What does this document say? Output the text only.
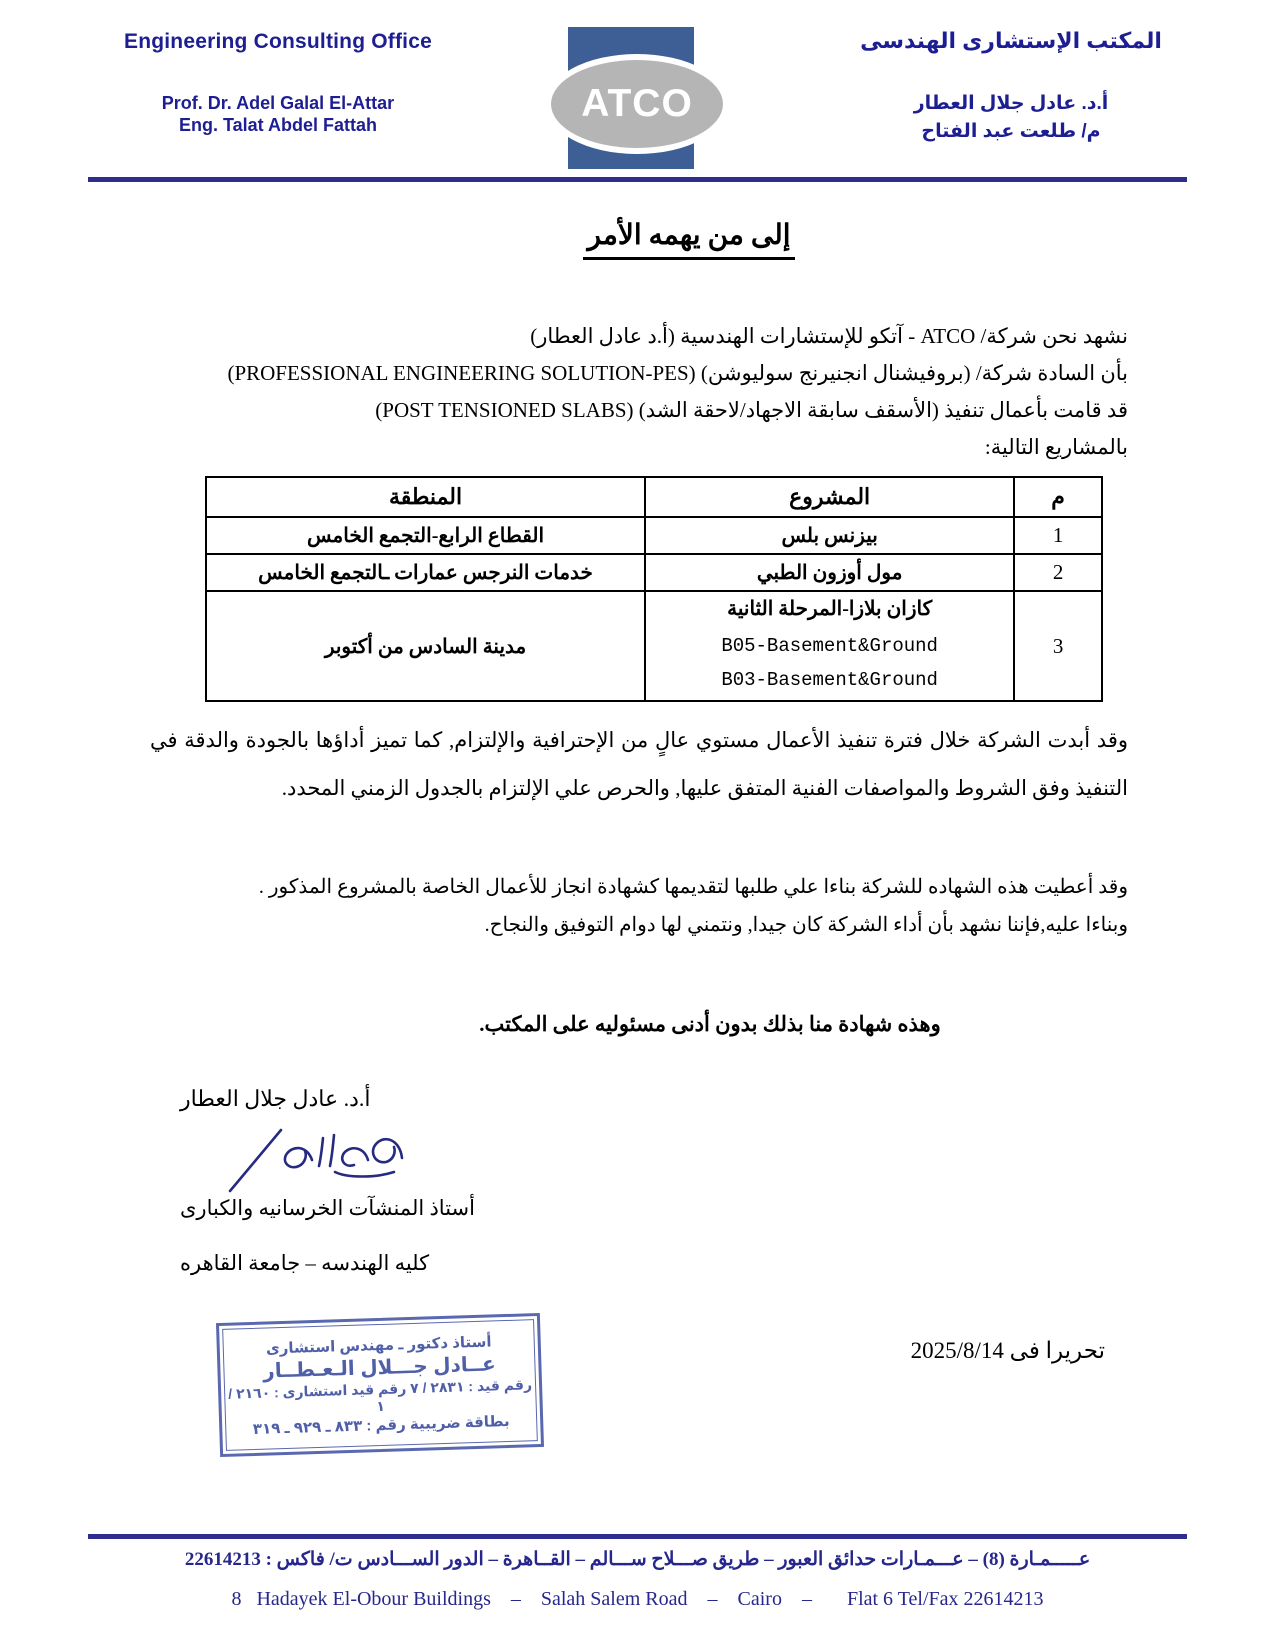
Engineering Consulting Office
Prof. Dr. Adel Galal El-Attar
Eng. Talat Abdel Fattah	ATCO
المكتب الإستشارى الهندسى
أ.د. عادل جلال العطار
م/ طلعت عبد الفتاح
إلى من يهمه الأمر
نشهد نحن شركة/ ATCO - آتكو للإستشارات الهندسية (أ.د عادل العطار)
بأن السادة شركة/ (بروفيشنال انجنيرنج سوليوشن) (PROFESSIONAL ENGINEERING SOLUTION-PES)
قد قامت بأعمال تنفيذ (الأسقف سابقة الاجهاد/لاحقة الشد) (POST TENSIONED SLABS)
بالمشاريع التالية:
م	المشروع	المنطقة
1	بيزنس بلس	القطاع الرابع-التجمع الخامس
2	مول أوزون الطبي	خدمات النرجس عمارات ـالتجمع الخامس
3	كازان بلازا-المرحلة الثانية
B05-Basement&Ground
B03-Basement&Ground	مدينة السادس من أكتوبر
وقد أبدت الشركة خلال فترة تنفيذ الأعمال مستوي عالٍ من الإحترافية والإلتزام, كما تميز أداؤها بالجودة والدقة في التنفيذ وفق الشروط والمواصفات الفنية المتفق عليها, والحرص علي الإلتزام بالجدول الزمني المحدد.
وقد أعطيت هذه الشهاده للشركة بناءا علي طلبها لتقديمها كشهادة انجاز للأعمال الخاصة بالمشروع المذكور .
وبناءا عليه,فإننا نشهد بأن أداء الشركة كان جيدا, ونتمني لها دوام التوفيق والنجاح.
وهذه شهادة منا بذلك بدون أدنى مسئوليه على المكتب.
أ.د. عادل جلال العطار
أستاذ المنشآت الخرسانيه والكبارى
كليه الهندسه – جامعة القاهره
أستاذ دكتور ـ مهندس استشارى
عــادل جـــلال الـعـطــار
رقم قيد : ٢٨٣١ / ٧ رقم قيد استشارى : ٢١٦٠ / ١
بطاقة ضريبية رقم : ٨٣٣ ـ ٩٢٩ ـ ٣١٩
تحريرا فى 2025/8/14
عـــــمـارة (8) – عـــمـارات حدائق العبور – طريق صـــلاح ســـالم – القــاهرة – الدور الســـادس ت/ فاكس : 22614213
8   Hadayek El-Obour Buildings    –    Salah Salem Road    –    Cairo    –       Flat 6 Tel/Fax 22614213
